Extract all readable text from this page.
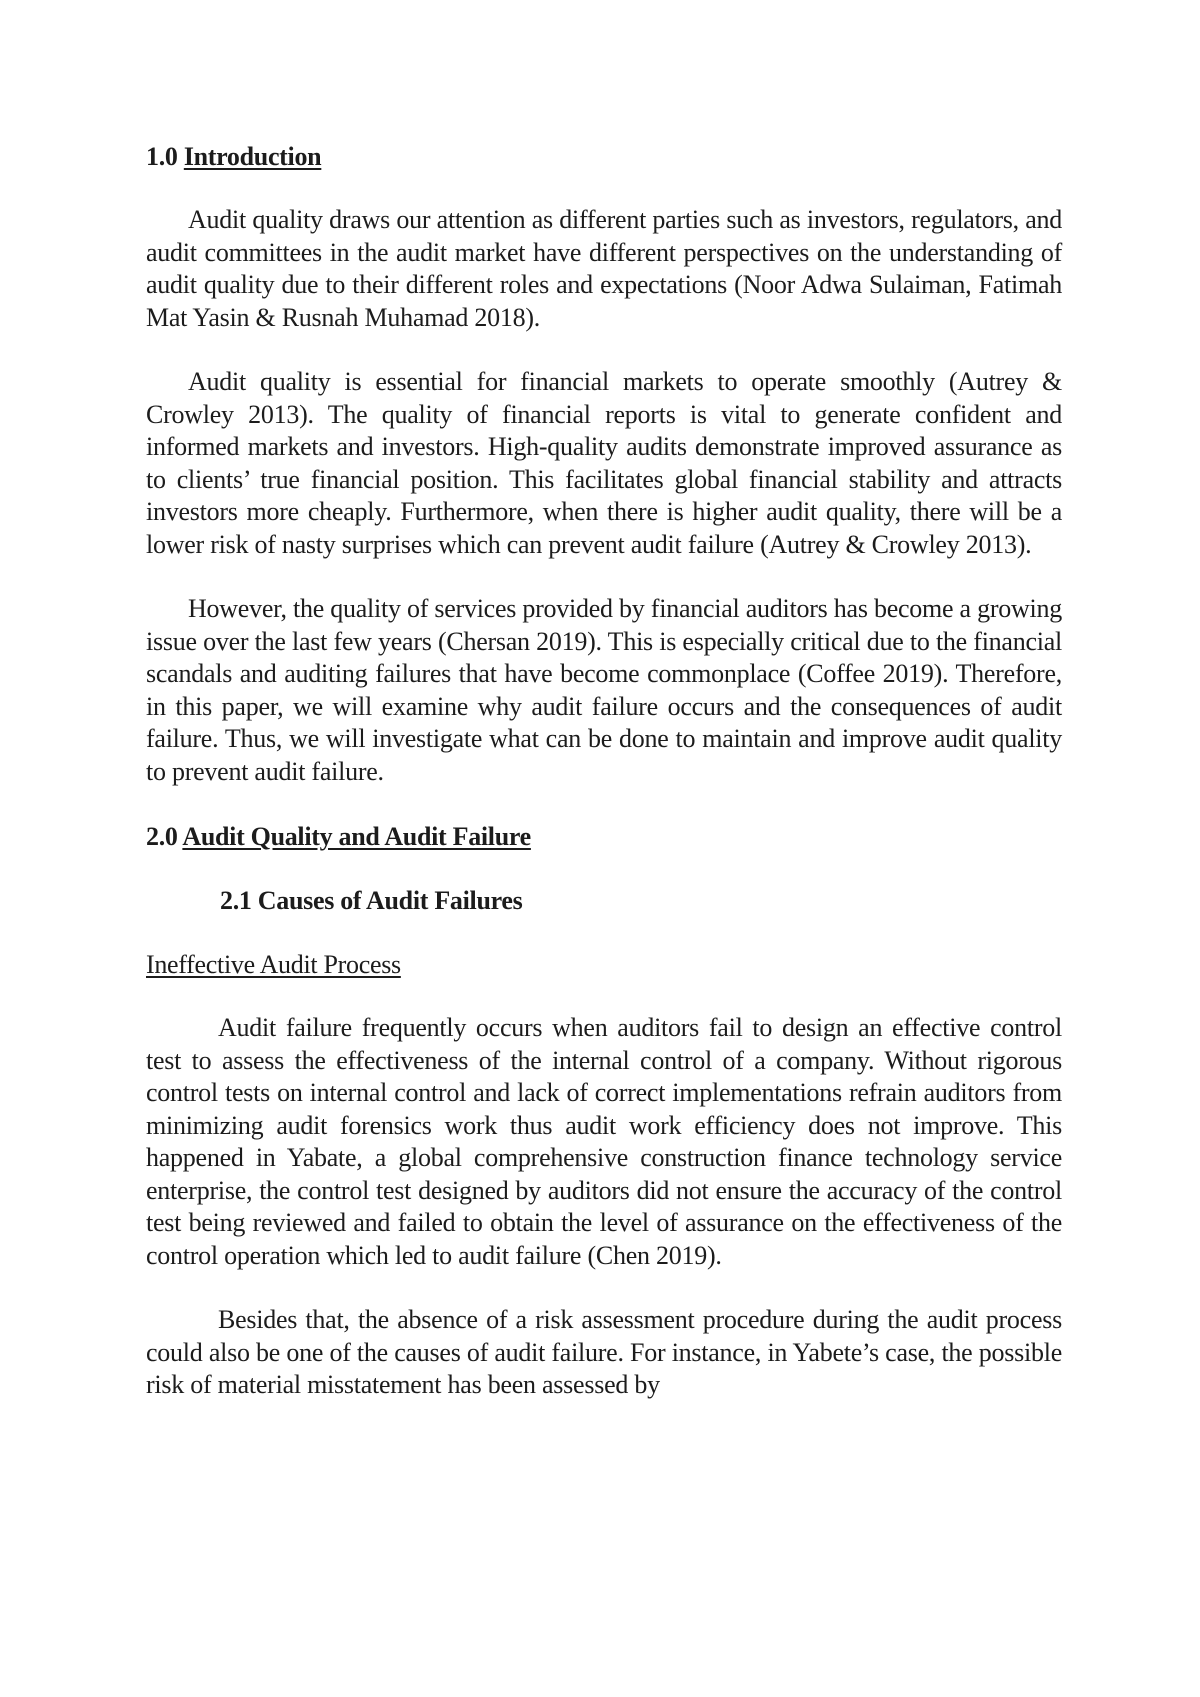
1.0 Introduction

Audit quality draws our attention as different parties such as investors, regulators, and audit committees in the audit market have different perspectives on the understanding of audit quality due to their different roles and expectations (Noor Adwa Sulaiman, Fatimah Mat Yasin & Rusnah Muhamad 2018).

Audit quality is essential for financial markets to operate smoothly (Autrey & Crowley 2013). The quality of financial reports is vital to generate confident and informed markets and investors. High-quality audits demonstrate improved assurance as to clients’ true financial position. This facilitates global financial stability and attracts investors more cheaply. Furthermore, when there is higher audit quality, there will be a lower risk of nasty surprises which can prevent audit failure (Autrey & Crowley 2013).

However, the quality of services provided by financial auditors has become a growing issue over the last few years (Chersan 2019). This is especially critical due to the financial scandals and auditing failures that have become commonplace (Coffee 2019). Therefore, in this paper, we will examine why audit failure occurs and the consequences of audit failure. Thus, we will investigate what can be done to maintain and improve audit quality to prevent audit failure.

2.0 Audit Quality and Audit Failure
2.1 Causes of Audit Failures

Ineffective Audit Process

Audit failure frequently occurs when auditors fail to design an effective control test to assess the effectiveness of the internal control of a company. Without rigorous control tests on internal control and lack of correct implementations refrain auditors from minimizing audit forensics work thus audit work efficiency does not improve. This happened in Yabate, a global comprehensive construction finance technology service enterprise, the control test designed by auditors did not ensure the accuracy of the control test being reviewed and failed to obtain the level of assurance on the effectiveness of the control operation which led to audit failure (Chen 2019).

Besides that, the absence of a risk assessment procedure during the audit process could also be one of the causes of audit failure. For instance, in Yabete’s case, the possible risk of material misstatement has been assessed by
